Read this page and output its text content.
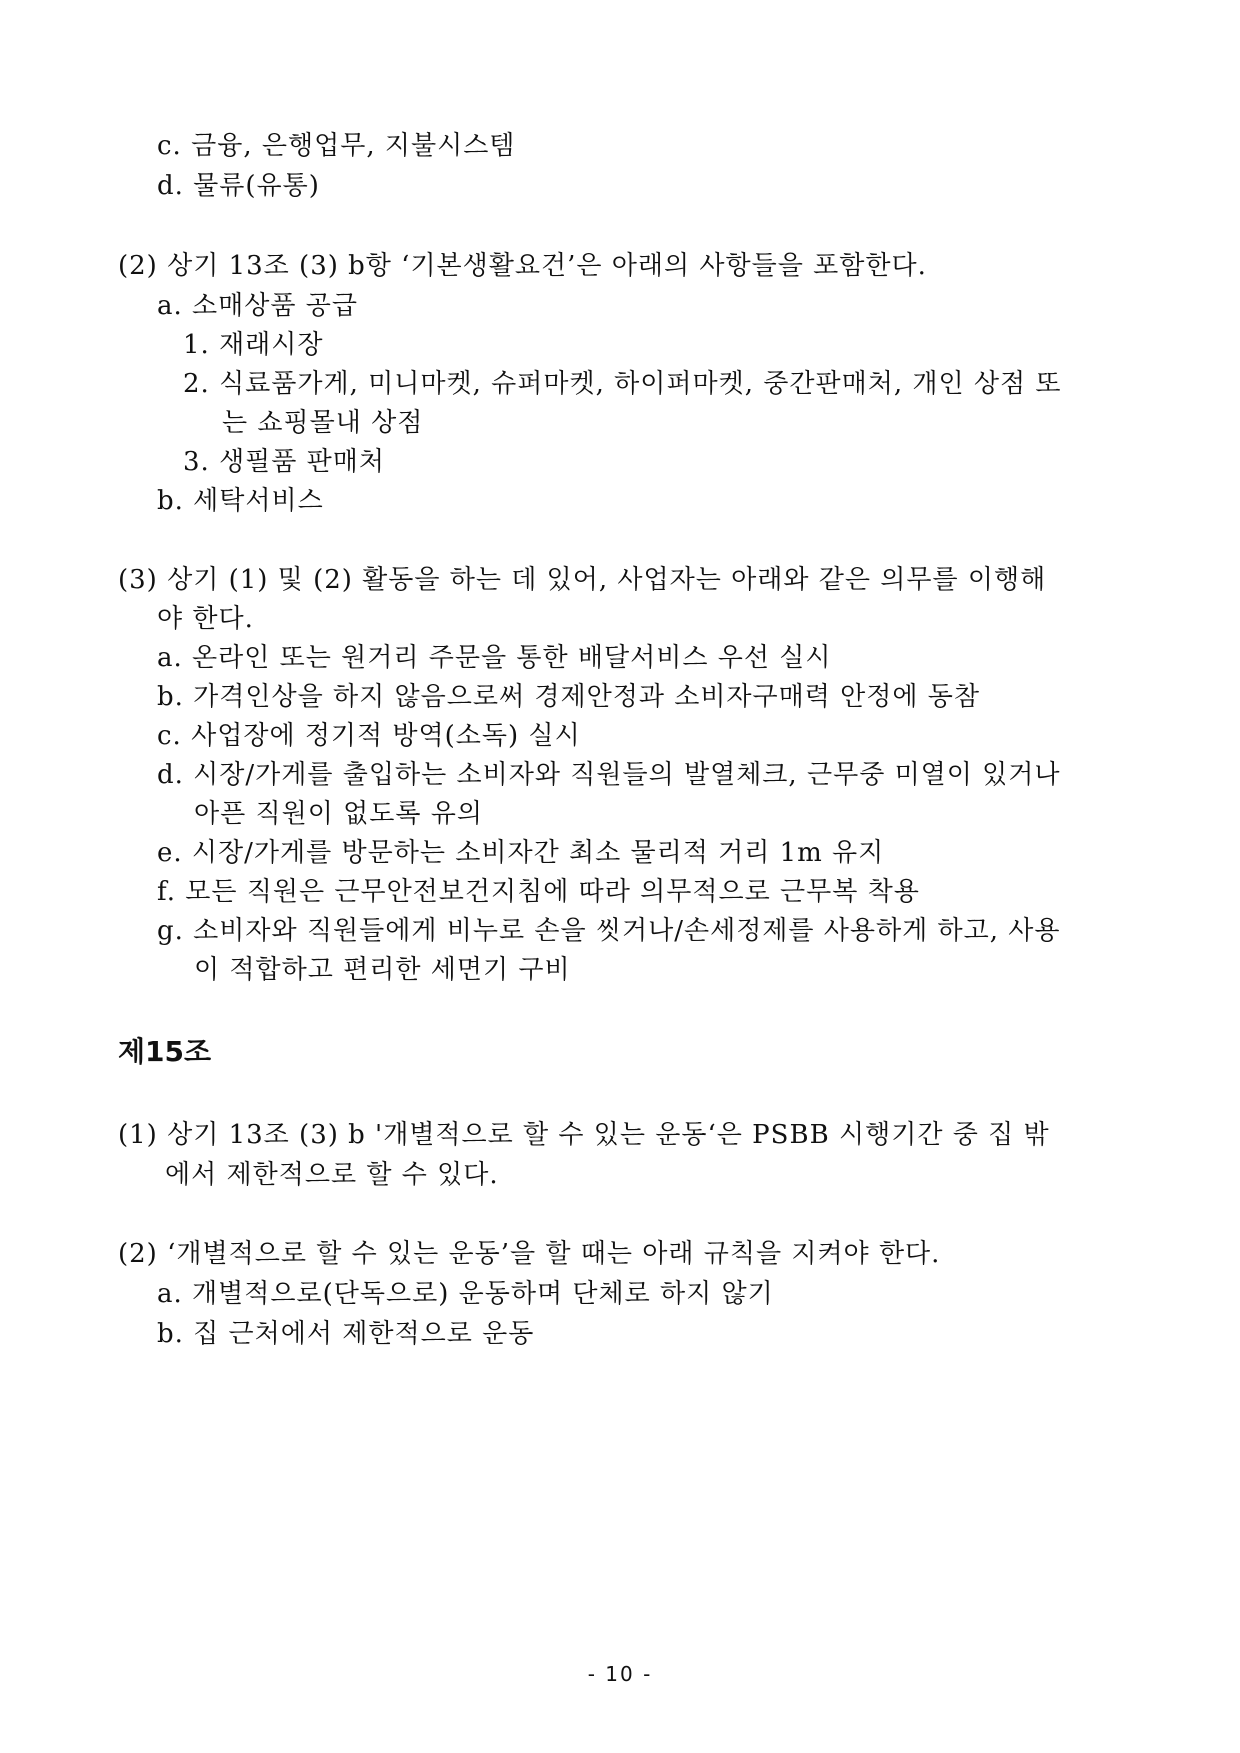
c. 금융, 은행업무, 지불시스템
d. 물류(유통)
(2) 상기 13조 (3) b항 ‘기본생활요건’은 아래의 사항들을 포함한다.
a. 소매상품 공급
1. 재래시장
2. 식료품가게, 미니마켓, 슈퍼마켓, 하이퍼마켓, 중간판매처, 개인 상점 또
는 쇼핑몰내 상점
3. 생필품 판매처
b. 세탁서비스
(3) 상기 (1) 및 (2) 활동을 하는 데 있어, 사업자는 아래와 같은 의무를 이행해
야 한다.
a. 온라인 또는 원거리 주문을 통한 배달서비스 우선 실시
b. 가격인상을 하지 않음으로써 경제안정과 소비자구매력 안정에 동참
c. 사업장에 정기적 방역(소독) 실시
d. 시장/가게를 출입하는 소비자와 직원들의 발열체크, 근무중 미열이 있거나
아픈 직원이 없도록 유의
e. 시장/가게를 방문하는 소비자간 최소 물리적 거리 1m 유지
f. 모든 직원은 근무안전보건지침에 따라 의무적으로 근무복 착용
g. 소비자와 직원들에게 비누로 손을 씻거나/손세정제를 사용하게 하고, 사용
이 적합하고 편리한 세면기 구비
제15조
(1) 상기 13조 (3) b '개별적으로 할 수 있는 운동‘은 PSBB 시행기간 중 집 밖
에서 제한적으로 할 수 있다.
(2) ‘개별적으로 할 수 있는 운동’을 할 때는 아래 규칙을 지켜야 한다.
a. 개별적으로(단독으로) 운동하며 단체로 하지 않기
b. 집 근처에서 제한적으로 운동
- 10 -
